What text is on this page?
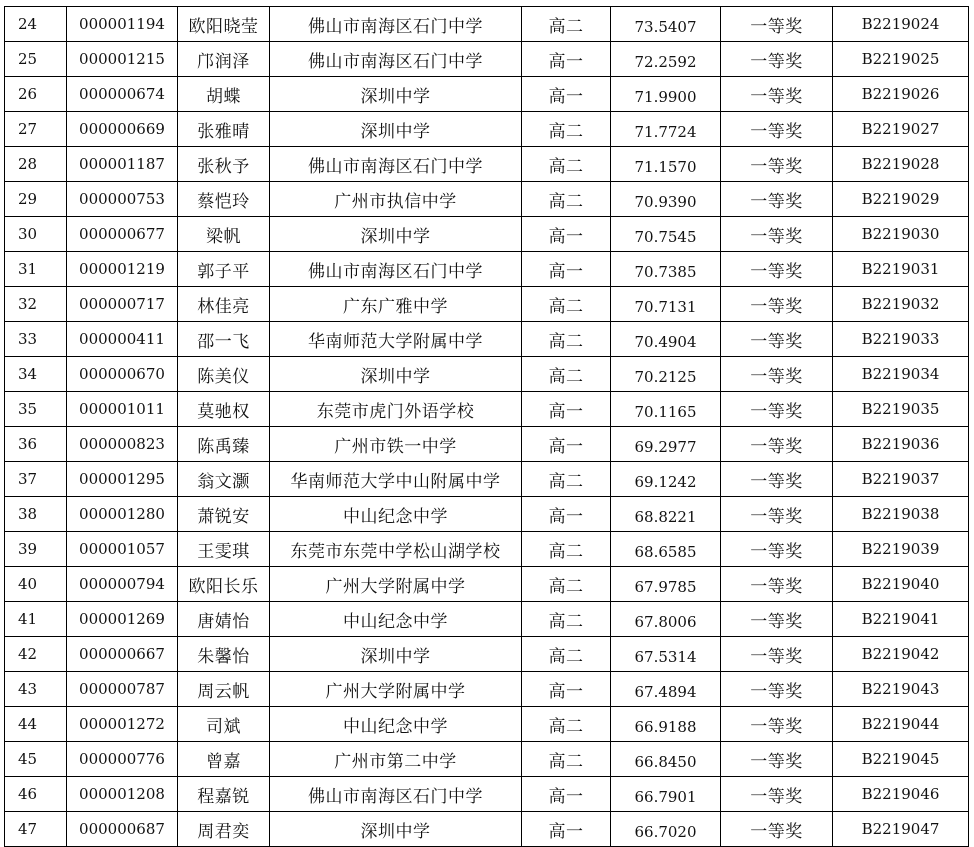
24	000001194	欧阳晓莹	佛山市南海区石门中学	高二	73.5407	一等奖	B2219024
25	000001215	邝润泽	佛山市南海区石门中学	高一	72.2592	一等奖	B2219025
26	000000674	胡蝶	深圳中学	高一	71.9900	一等奖	B2219026
27	000000669	张雅晴	深圳中学	高二	71.7724	一等奖	B2219027
28	000001187	张秋予	佛山市南海区石门中学	高二	71.1570	一等奖	B2219028
29	000000753	蔡恺玲	广州市执信中学	高二	70.9390	一等奖	B2219029
30	000000677	梁帆	深圳中学	高一	70.7545	一等奖	B2219030
31	000001219	郭子平	佛山市南海区石门中学	高一	70.7385	一等奖	B2219031
32	000000717	林佳亮	广东广雅中学	高二	70.7131	一等奖	B2219032
33	000000411	邵一飞	华南师范大学附属中学	高二	70.4904	一等奖	B2219033
34	000000670	陈美仪	深圳中学	高二	70.2125	一等奖	B2219034
35	000001011	莫驰权	东莞市虎门外语学校	高一	70.1165	一等奖	B2219035
36	000000823	陈禹臻	广州市铁一中学	高一	69.2977	一等奖	B2219036
37	000001295	翁文灏	华南师范大学中山附属中学	高二	69.1242	一等奖	B2219037
38	000001280	萧锐安	中山纪念中学	高一	68.8221	一等奖	B2219038
39	000001057	王雯琪	东莞市东莞中学松山湖学校	高二	68.6585	一等奖	B2219039
40	000000794	欧阳长乐	广州大学附属中学	高二	67.9785	一等奖	B2219040
41	000001269	唐婧怡	中山纪念中学	高二	67.8006	一等奖	B2219041
42	000000667	朱馨怡	深圳中学	高二	67.5314	一等奖	B2219042
43	000000787	周云帆	广州大学附属中学	高一	67.4894	一等奖	B2219043
44	000001272	司斌	中山纪念中学	高二	66.9188	一等奖	B2219044
45	000000776	曾嘉	广州市第二中学	高二	66.8450	一等奖	B2219045
46	000001208	程嘉锐	佛山市南海区石门中学	高一	66.7901	一等奖	B2219046
47	000000687	周君奕	深圳中学	高一	66.7020	一等奖	B2219047
